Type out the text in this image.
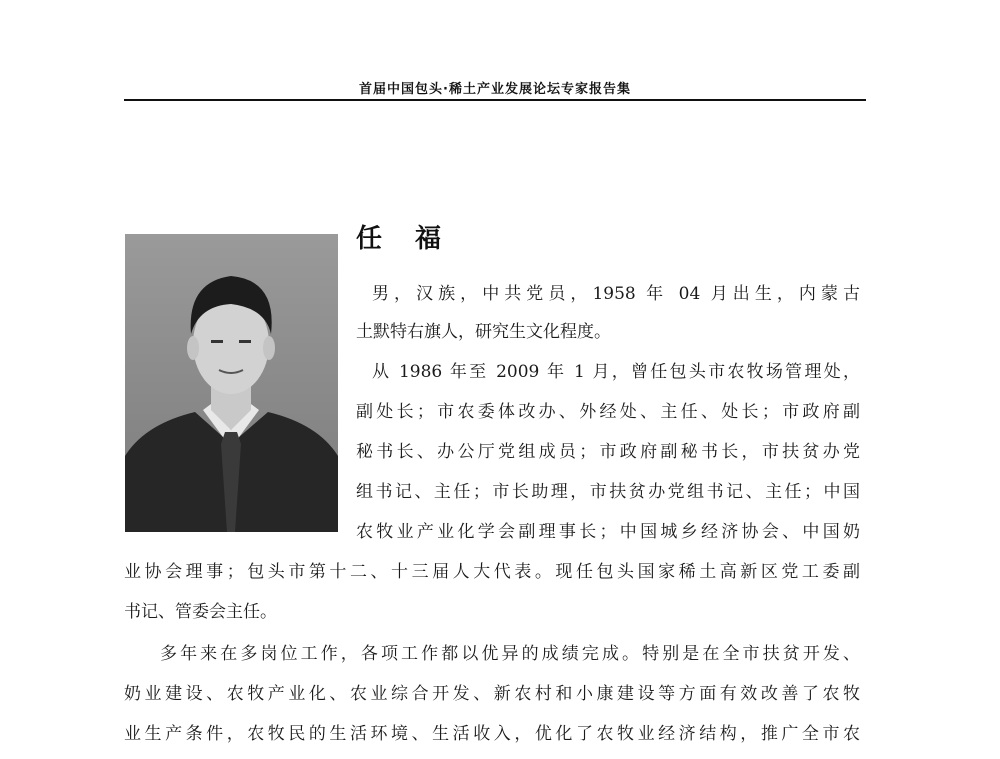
首届中国包头·稀土产业发展论坛专家报告集
任 福
男，汉族，中共党员，1958 年 04 月出生，内蒙古
土默特右旗人，研究生文化程度。
从 1986 年至 2009 年 1 月，曾任包头市农牧场管理处，
副处长；市农委体改办、外经处、主任、处长；市政府副
秘书长、办公厅党组成员；市政府副秘书长，市扶贫办党
组书记、主任；市长助理，市扶贫办党组书记、主任；中国
农牧业产业化学会副理事长；中国城乡经济协会、中国奶
业协会理事；包头市第十二、十三届人大代表。现任包头国家稀土高新区党工委副
书记、管委会主任。
多年来在多岗位工作，各项工作都以优异的成绩完成。特别是在全市扶贫开发、
奶业建设、农牧产业化、农业综合开发、新农村和小康建设等方面有效改善了农牧
业生产条件，农牧民的生活环境、生活收入，优化了农牧业经济结构，推广全市农
